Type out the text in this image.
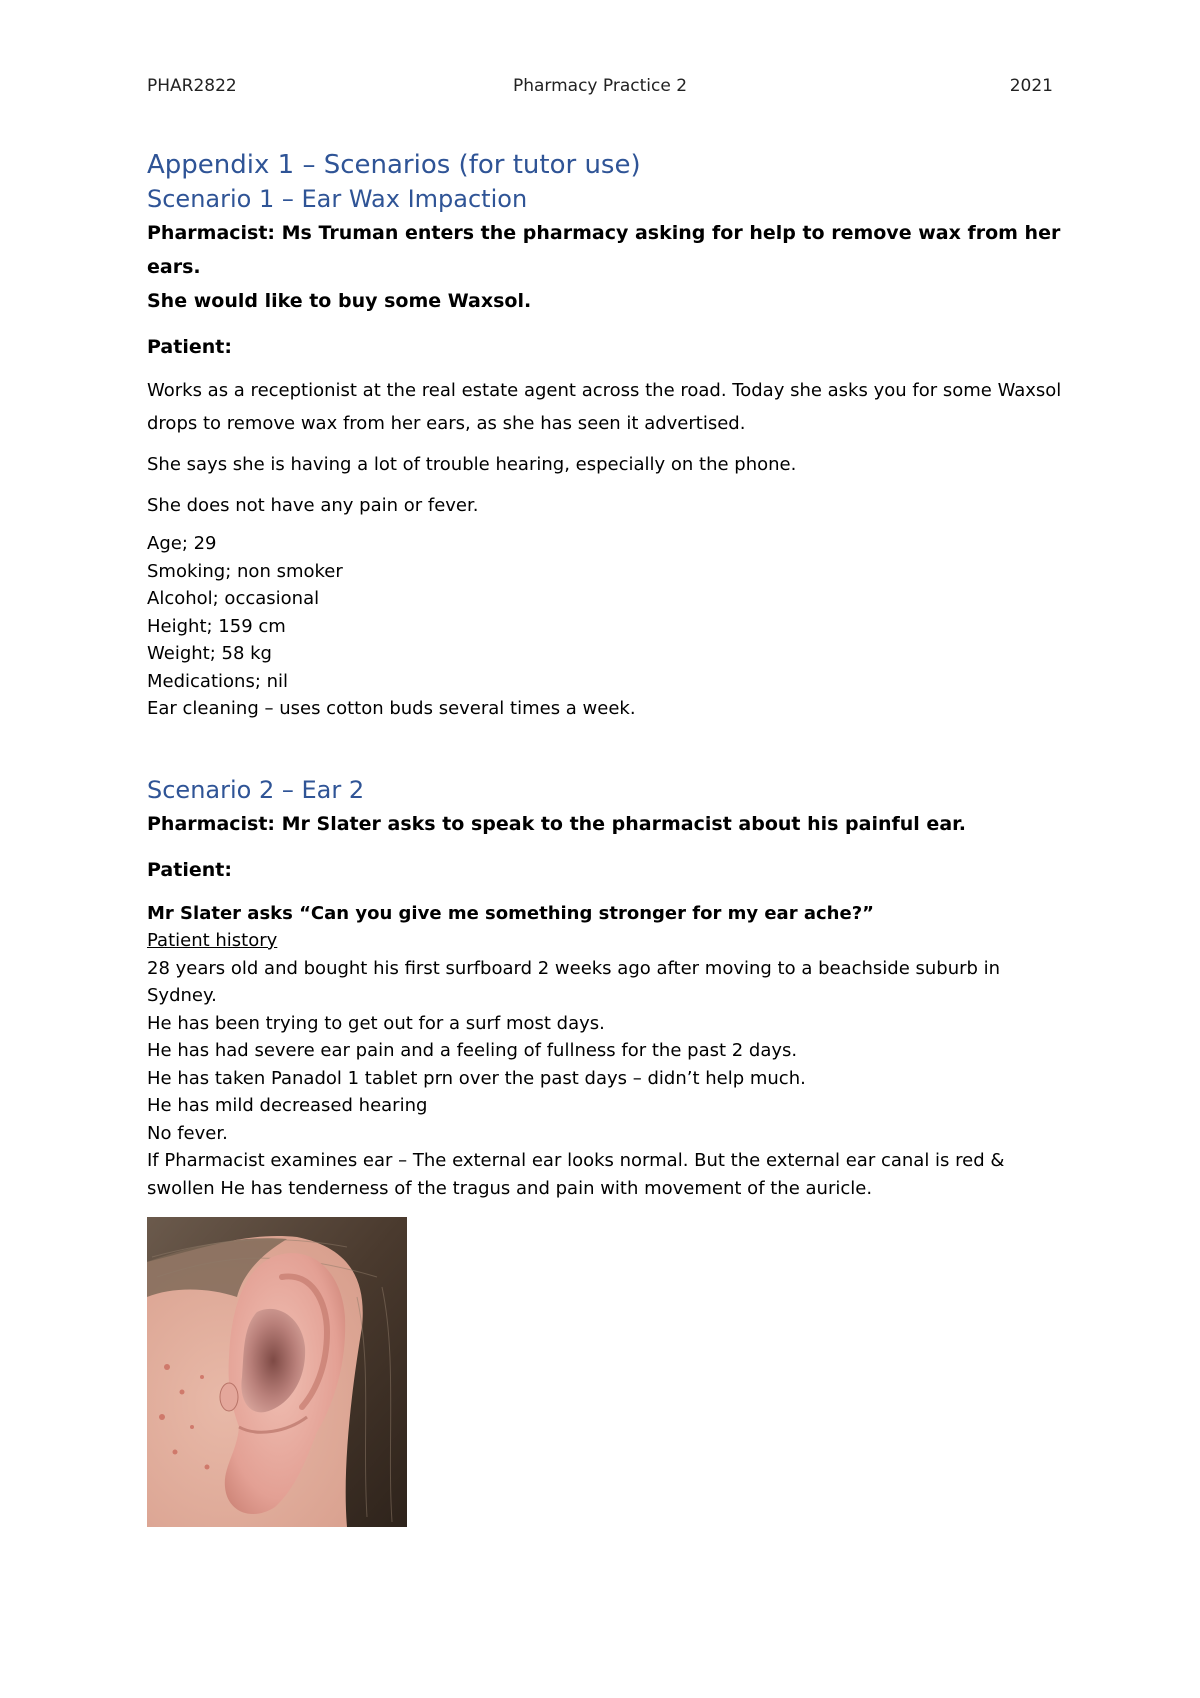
PHAR2822	Pharmacy Practice 2	2021
Appendix 1 – Scenarios (for tutor use)
Scenario 1 – Ear Wax Impaction

Pharmacist: Ms Truman enters the pharmacy asking for help to remove wax from her ears.

She would like to buy some Waxsol.

Patient:

Works as a receptionist at the real estate agent across the road. Today she asks you for some Waxsol

drops to remove wax from her ears, as she has seen it advertised.

She says she is having a lot of trouble hearing, especially on the phone.

She does not have any pain or fever.

Age; 29

Smoking; non smoker

Alcohol; occasional

Height; 159 cm

Weight; 58 kg

Medications; nil

Ear cleaning – uses cotton buds several times a week.

Scenario 2 – Ear 2

Pharmacist: Mr Slater asks to speak to the pharmacist about his painful ear.

Patient:

Mr Slater asks “Can you give me something stronger for my ear ache?”

Patient history

28 years old and bought his first surfboard 2 weeks ago after moving to a beachside suburb in

Sydney.

He has been trying to get out for a surf most days.

He has had severe ear pain and a feeling of fullness for the past 2 days.

He has taken Panadol 1 tablet prn over the past days – didn’t help much.

He has mild decreased hearing

No fever.

If Pharmacist examines ear – The external ear looks normal. But the external ear canal is red &

swollen He has tenderness of the tragus and pain with movement of the auricle.
